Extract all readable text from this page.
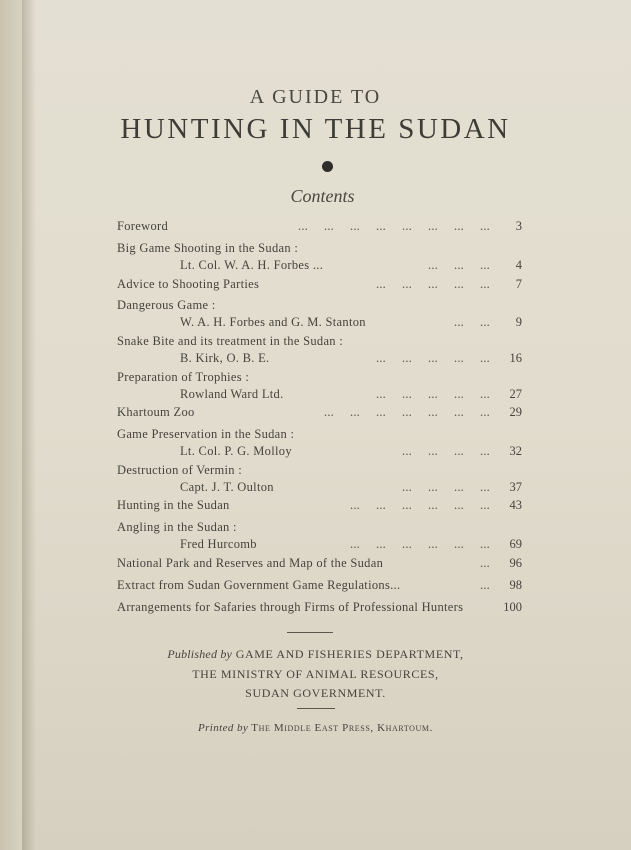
A GUIDE TO
HUNTING IN THE SUDAN
Contents
Foreword	...  ...  ...  ...  ...  ...  ...  ...	3
Big Game Shooting in the Sudan :
Lt. Col. W. A. H. Forbes ...	...  ...  ...	4
Advice to Shooting Parties	...  ...  ...  ...  ...	7
Dangerous Game :
W. A. H. Forbes and G. M. Stanton	...  ...	9
Snake Bite and its treatment in the Sudan :
B. Kirk, O. B. E.	...  ...  ...  ...  ...	16
Preparation of Trophies :
Rowland Ward Ltd.	...  ...  ...  ...  ...	27
Khartoum Zoo	...  ...  ...  ...  ...  ...  ...	29
Game Preservation in the Sudan :
Lt. Col. P. G. Molloy	...  ...  ...  ...	32
Destruction of Vermin :
Capt. J. T. Oulton	...  ...  ...  ...	37
Hunting in the Sudan	...  ...  ...  ...  ...  ...	43
Angling in the Sudan :
Fred Hurcomb	...  ...  ...  ...  ...  ...	69
National Park and Reserves and Map of the Sudan	...	96
Extract from Sudan Government Game Regulations...	...	98
Arrangements for Safaries through Firms of Professional Hunters	100
Published by GAME AND FISHERIES DEPARTMENT,
THE MINISTRY OF ANIMAL RESOURCES,
SUDAN GOVERNMENT.
Printed by The Middle East Press, Khartoum.
